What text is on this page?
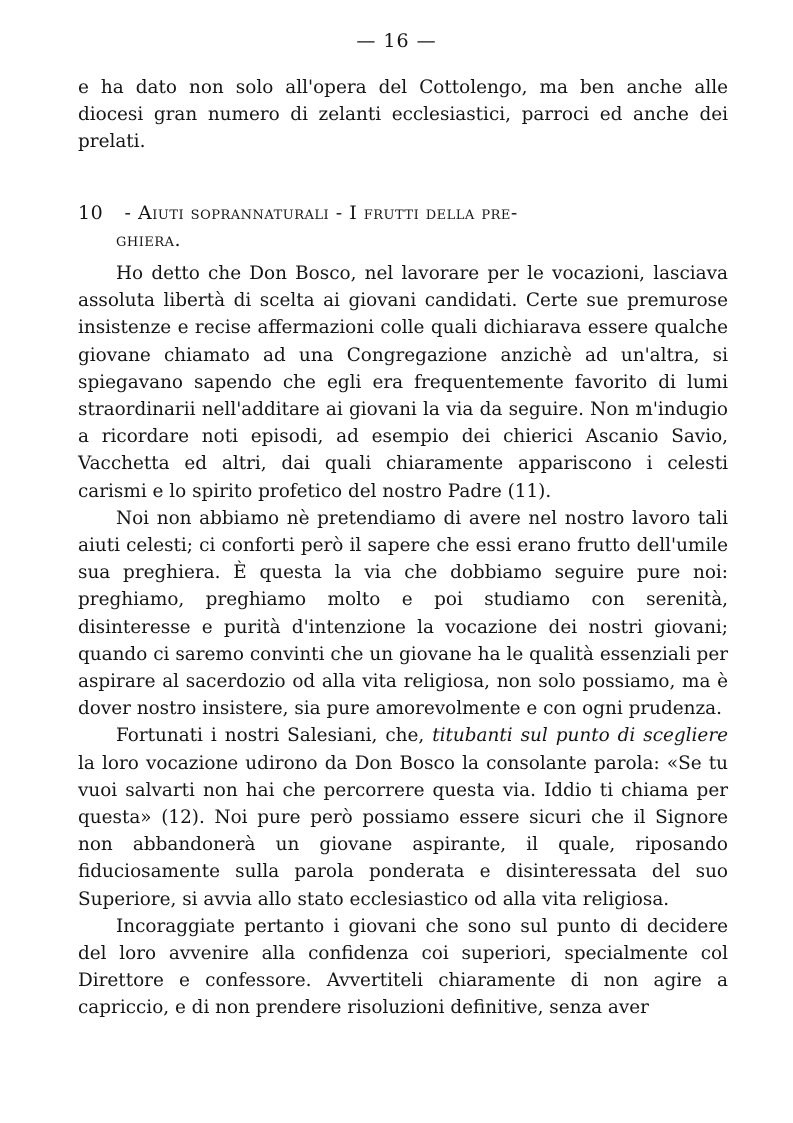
— 16 —
e ha dato non solo all'opera del Cottolengo, ma ben anche alle diocesi gran numero di zelanti ecclesiastici, parroci ed anche dei prelati.
10 - Aiuti soprannaturali - I frutti della pre-
ghiera.

Ho detto che Don Bosco, nel lavorare per le vocazioni, lasciava assoluta libertà di scelta ai giovani candidati. Certe sue premurose insistenze e recise affermazioni colle quali dichiarava essere qualche giovane chiamato ad una Congregazione anzichè ad un'altra, si spiegavano sapendo che egli era frequentemente favorito di lumi straordinarii nell'additare ai giovani la via da seguire. Non m'indugio a ricordare noti episodi, ad esempio dei chierici Ascanio Savio, Vacchetta ed altri, dai quali chiaramente appariscono i celesti carismi e lo spirito profetico del nostro Padre (11).

Noi non abbiamo nè pretendiamo di avere nel nostro lavoro tali aiuti celesti; ci conforti però il sapere che essi erano frutto dell'umile sua preghiera. È questa la via che dobbiamo seguire pure noi: preghiamo, preghiamo molto e poi studiamo con serenità, disinteresse e purità d'intenzione la vocazione dei nostri giovani; quando ci saremo convinti che un giovane ha le qualità essenziali per aspirare al sacerdozio od alla vita religiosa, non solo possiamo, ma è dover nostro insistere, sia pure amorevolmente e con ogni prudenza.

Fortunati i nostri Salesiani, che, titubanti sul punto di scegliere la loro vocazione udirono da Don Bosco la consolante parola: «Se tu vuoi salvarti non hai che percorrere questa via. Iddio ti chiama per questa» (12). Noi pure però possiamo essere sicuri che il Signore non abbandonerà un giovane aspirante, il quale, riposando fiduciosamente sulla parola ponderata e disinteressata del suo Superiore, si avvia allo stato ecclesiastico od alla vita religiosa.

Incoraggiate pertanto i giovani che sono sul punto di decidere del loro avvenire alla confidenza coi superiori, specialmente col Direttore e confessore. Avvertiteli chiaramente di non agire a capriccio, e di non prendere risoluzioni definitive, senza aver
